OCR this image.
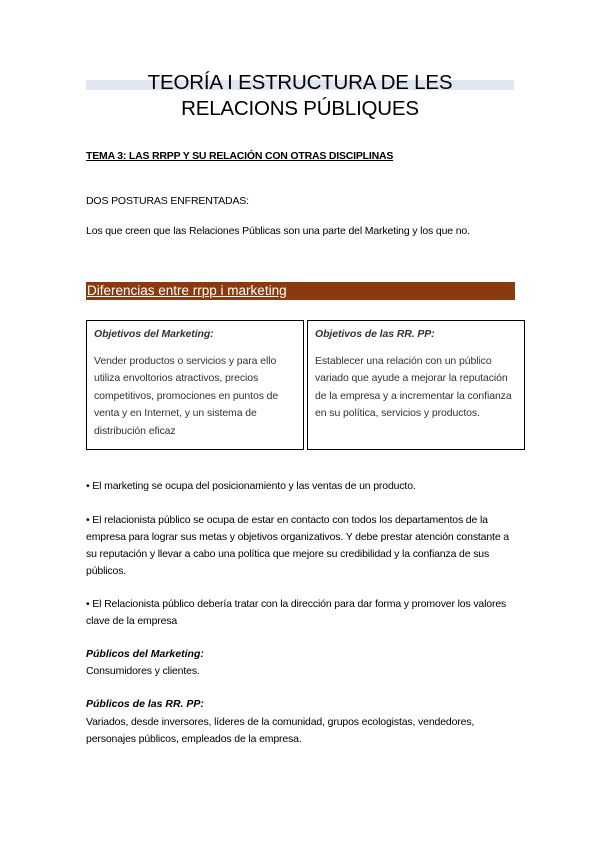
TEORÍA I ESTRUCTURA DE LES
RELACIONS PÚBLIQUES
TEMA 3: LAS RRPP Y SU RELACIÓN CON OTRAS DISCIPLINAS
DOS POSTURAS ENFRENTADAS:
Los que creen que las Relaciones Públicas son una parte del Marketing y los que no.
Diferencias entre rrpp i marketing
Objetivos del Marketing:
Vender productos o servicios y para ello utiliza envoltorios atractivos, precios competitivos, promociones en puntos de venta y en Internet, y un sistema de distribución eficaz
Objetivos de las RR. PP:
Establecer una relación con un público variado que ayude a mejorar la reputación de la empresa y a incrementar la confianza en su política, servicios y productos.
• El marketing se ocupa del posicionamiento y las ventas de un producto.
• El relacionista público se ocupa de estar en contacto con todos los departamentos de la empresa para lograr sus metas y objetivos organizativos. Y debe prestar atención constante a su reputación y llevar a cabo una política que mejore su credibilidad y la confianza de sus públicos.
• El Relacionista público debería tratar con la dirección para dar forma y promover los valores clave de la empresa
Públicos del Marketing:
Consumidores y clientes.
Públicos de las RR. PP:
Variados, desde inversores, líderes de la comunidad, grupos ecologistas, vendedores, personajes públicos, empleados de la empresa.
